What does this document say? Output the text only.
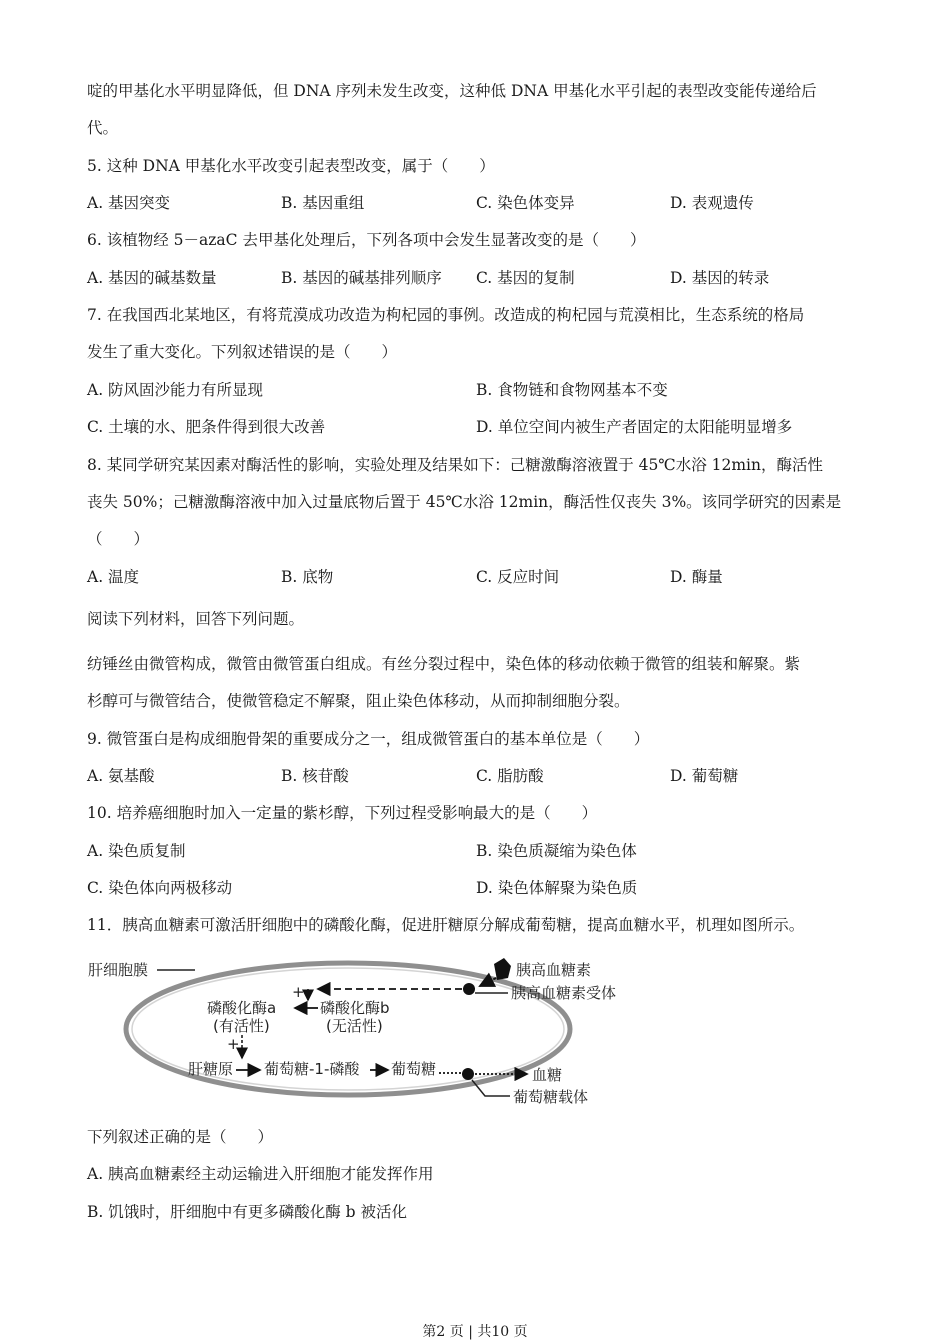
啶的甲基化水平明显降低，但 DNA 序列未发生改变，这种低 DNA 甲基化水平引起的表型改变能传递给后
代。
5. 这种 DNA 甲基化水平改变引起表型改变，属于（　　）
A. 基因突变	B. 基因重组	C. 染色体变异	D. 表观遗传
6. 该植物经 5－azaC 去甲基化处理后，下列各项中会发生显著改变的是（　　）
A. 基因的碱基数量	B. 基因的碱基排列顺序 C. 基因的复制	D. 基因的转录
7. 在我国西北某地区，有将荒漠成功改造为枸杞园的事例。改造成的枸杞园与荒漠相比，生态系统的格局
发生了重大变化。下列叙述错误的是（　　）
A. 防风固沙能力有所显现	B. 食物链和食物网基本不变
C. 土壤的水、肥条件得到很大改善	D. 单位空间内被生产者固定的太阳能明显增多
8. 某同学研究某因素对酶活性的影响，实验处理及结果如下：己糖激酶溶液置于 45℃水浴 12min，酶活性
丧失 50%；己糖激酶溶液中加入过量底物后置于 45℃水浴 12min，酶活性仅丧失 3%。该同学研究的因素是
（　　）
A. 温度	B. 底物	C. 反应时间	D. 酶量
阅读下列材料，回答下列问题。
纺锤丝由微管构成，微管由微管蛋白组成。有丝分裂过程中，染色体的移动依赖于微管的组装和解聚。紫
杉醇可与微管结合，使微管稳定不解聚，阻止染色体移动，从而抑制细胞分裂。
9. 微管蛋白是构成细胞骨架的重要成分之一，组成微管蛋白的基本单位是（　　）
A. 氨基酸	B. 核苷酸	C. 脂肪酸	D. 葡萄糖
10. 培养癌细胞时加入一定量的紫杉醇，下列过程受影响最大的是（　　）
A. 染色质复制	B. 染色质凝缩为染色体
C. 染色体向两极移动	D. 染色体解聚为染色质
11．胰高血糖素可激活肝细胞中的磷酸化酶，促进肝糖原分解成葡萄糖，提高血糖水平，机理如图所示。
肝细胞膜	胰高血糖素
胰高血糖素受体
+
磷酸化酶a
(有活性)
磷酸化酶b
(无活性)
+
肝糖原 葡萄糖-1-磷酸 葡萄糖	血糖
葡萄糖载体
下列叙述正确的是（　　）
A. 胰高血糖素经主动运输进入肝细胞才能发挥作用
B. 饥饿时，肝细胞中有更多磷酸化酶 b 被活化
第2 页 | 共10 页
